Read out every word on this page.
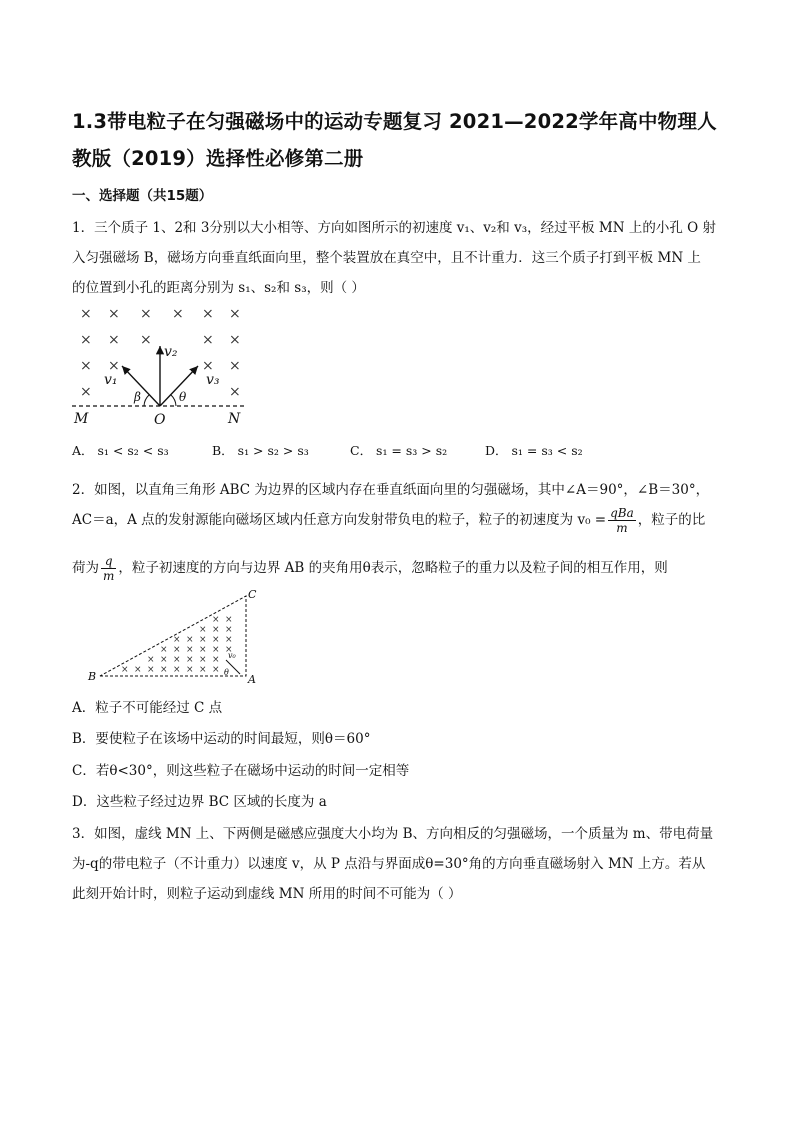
1.3带电粒子在匀强磁场中的运动专题复习 2021—2022学年高中物理人教版（2019）选择性必修第二册
一、选择题（共15题）
1．三个质子 1、2和 3分别以大小相等、方向如图所示的初速度 v₁、v₂和 v₃，经过平板 MN 上的小孔 O 射
入匀强磁场 B，磁场方向垂直纸面向里，整个装置放在真空中，且不计重力．这三个质子打到平板 MN 上
的位置到小孔的距离分别为 s₁、s₂和 s₃，则（ ）
× × × × × ×
× × ×	× ×
× ×	× ×
×	×
v₂
v₁	v₃
β	θ
M	O	N
A． s₁ < s₂ < s₃	B． s₁ > s₂ > s₃	C． s₁ = s₃ > s₂	D． s₁ = s₃ < s₂
2．如图，以直角三角形 ABC 为边界的区域内存在垂直纸面向里的匀强磁场，其中∠A＝90°，∠B＝30°，
AC＝a，A 点的发射源能向磁场区域内任意方向发射带负电的粒子，粒子的初速度为 $v_0 = \frac{\text{qBa}}{m}$ ，粒子的比
荷为 $\frac{q}{m}$ ，粒子初速度的方向与边界 AB 的夹角用θ表示，忽略粒子的重力以及粒子间的相互作用，则
× × ×
×
×
×
×
×
×
×
×
×
×
×
×
×
×
×
×
×
×
×
×
×
×
×
×
×
×
×
B	A
C
v₀
θ
A．粒子不可能经过 C 点
B．要使粒子在该场中运动的时间最短，则θ＝60°
C．若θ<30°，则这些粒子在磁场中运动的时间一定相等
D．这些粒子经过边界 BC 区域的长度为 a
3．如图，虚线 MN 上、下两侧是磁感应强度大小均为 B、方向相反的匀强磁场，一个质量为 m、带电荷量
为-q的带电粒子（不计重力）以速度 v，从 P 点沿与界面成θ=30°角的方向垂直磁场射入 MN 上方。若从
此刻开始计时，则粒子运动到虚线 MN 所用的时间不可能为（ ）
